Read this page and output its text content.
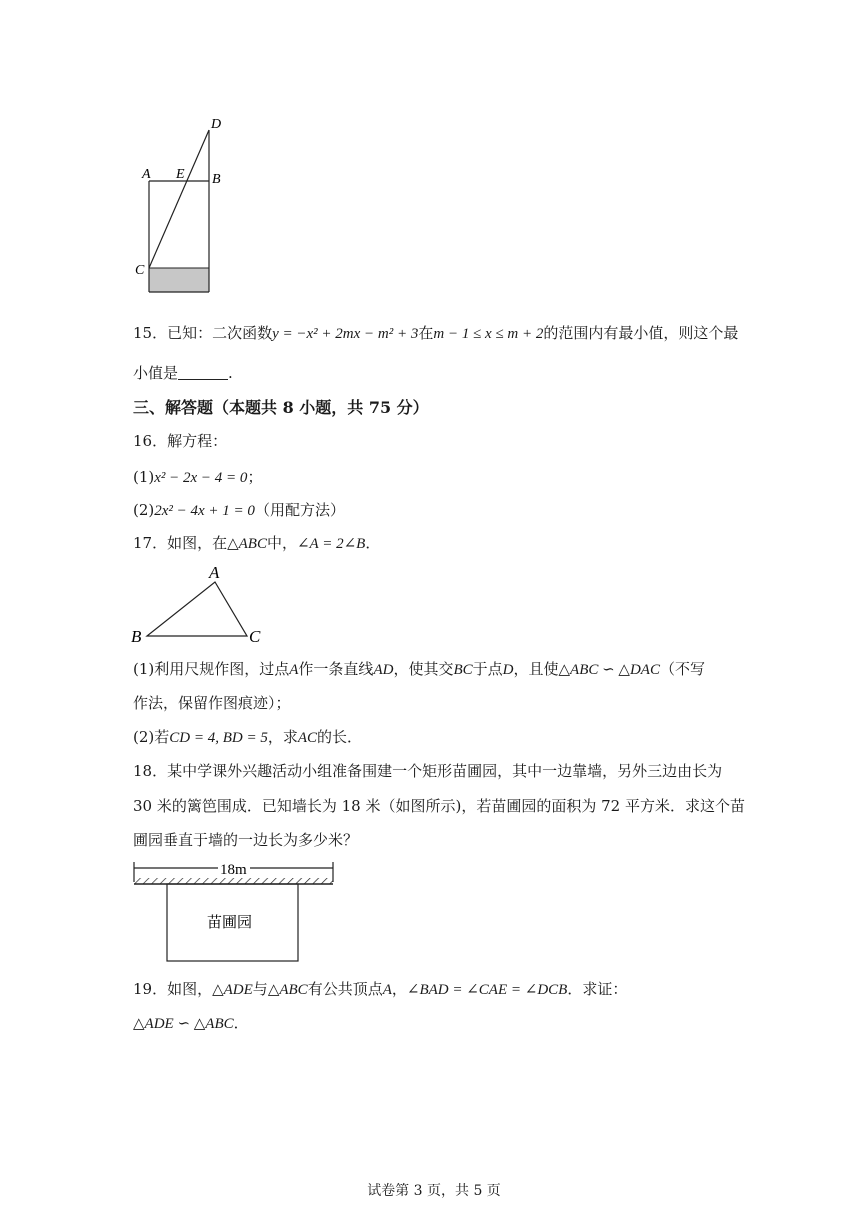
D
A E B
C
15．已知：二次函数y = −x² + 2mx − m² + 3在m − 1 ≤ x ≤ m + 2的范围内有最小值，则这个最
小值是	.
三、解答题（本题共 8 小题，共 75 分）
16．解方程：
(1)x² − 2x − 4 = 0；
(2)2x² − 4x + 1 = 0（用配方法）
17．如图，在△ABC中，∠A = 2∠B．
A
B	C
(1)利用尺规作图，过点A作一条直线AD，使其交BC于点D，且使△ABC ∽ △DAC（不写
作法，保留作图痕迹）；
(2)若CD = 4, BD = 5，求AC的长．
18．某中学课外兴趣活动小组准备围建一个矩形苗圃园，其中一边靠墙，另外三边由长为
30 米的篱笆围成．已知墙长为 18 米（如图所示)，若苗圃园的面积为 72 平方米．求这个苗
圃园垂直于墙的一边长为多少米？
18m
苗圃园
19．如图，△ADE与△ABC有公共顶点A，∠BAD = ∠CAE = ∠DCB．求证：
△ADE ∽ △ABC．
试卷第 3 页，共 5 页
